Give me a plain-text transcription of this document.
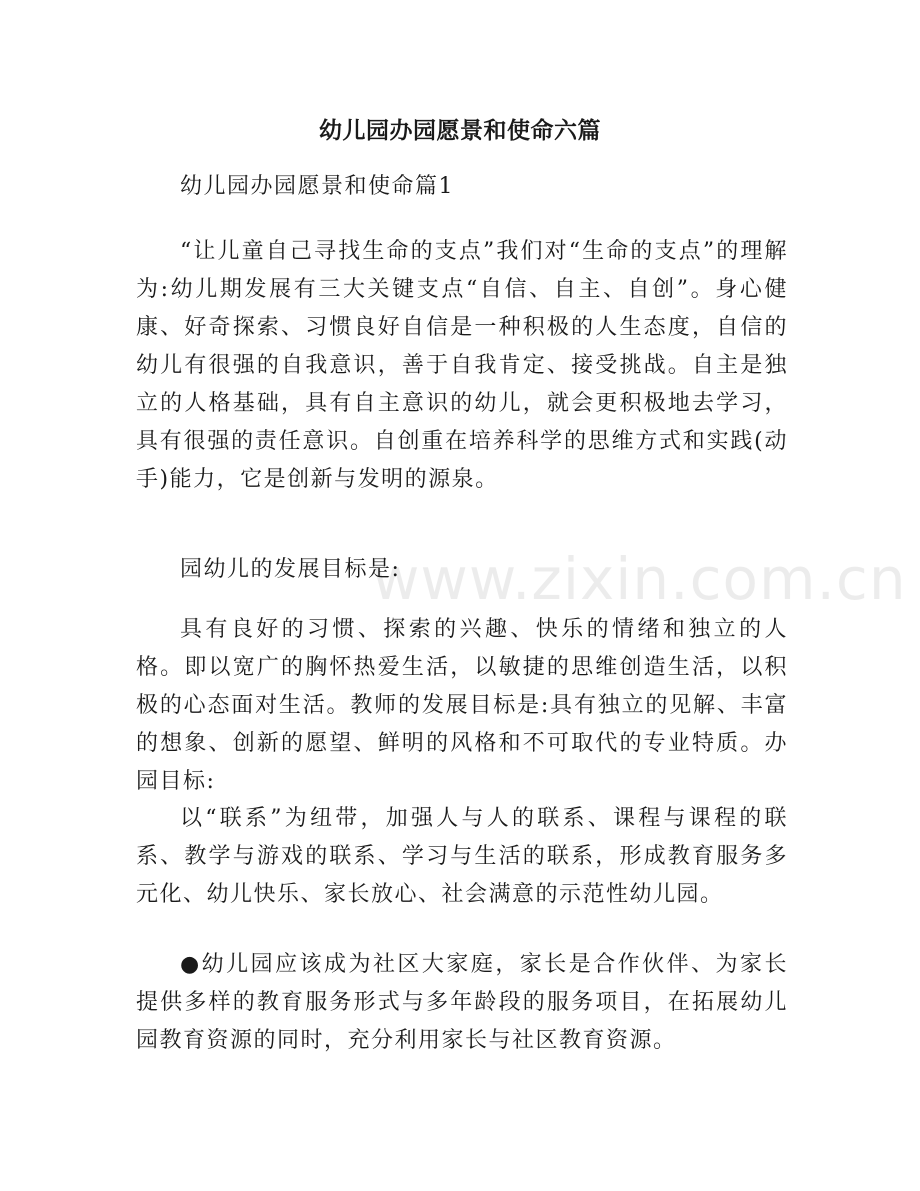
幼儿园办园愿景和使命六篇

幼儿园办园愿景和使命篇1

“让儿童自己寻找生命的支点”我们对“生命的支点”的理解为:幼儿期发展有三大关键支点“自信、自主、自创”。身心健康、好奇探索、习惯良好自信是一种积极的人生态度，自信的幼儿有很强的自我意识，善于自我肯定、接受挑战。自主是独立的人格基础，具有自主意识的幼儿，就会更积极地去学习，具有很强的责任意识。自创重在培养科学的思维方式和实践(动手)能力，它是创新与发明的源泉。

园幼儿的发展目标是:

具有良好的习惯、探索的兴趣、快乐的情绪和独立的人格。即以宽广的胸怀热爱生活，以敏捷的思维创造生活，以积极的心态面对生活。教师的发展目标是:具有独立的见解、丰富的想象、创新的愿望、鲜明的风格和不可取代的专业特质。办园目标:

以“联系”为纽带，加强人与人的联系、课程与课程的联系、教学与游戏的联系、学习与生活的联系，形成教育服务多元化、幼儿快乐、家长放心、社会满意的示范性幼儿园。

●幼儿园应该成为社区大家庭，家长是合作伙伴、为家长提供多样的教育服务形式与多年龄段的服务项目，在拓展幼儿园教育资源的同时，充分利用家长与社区教育资源。

www.zixin.com.cn
